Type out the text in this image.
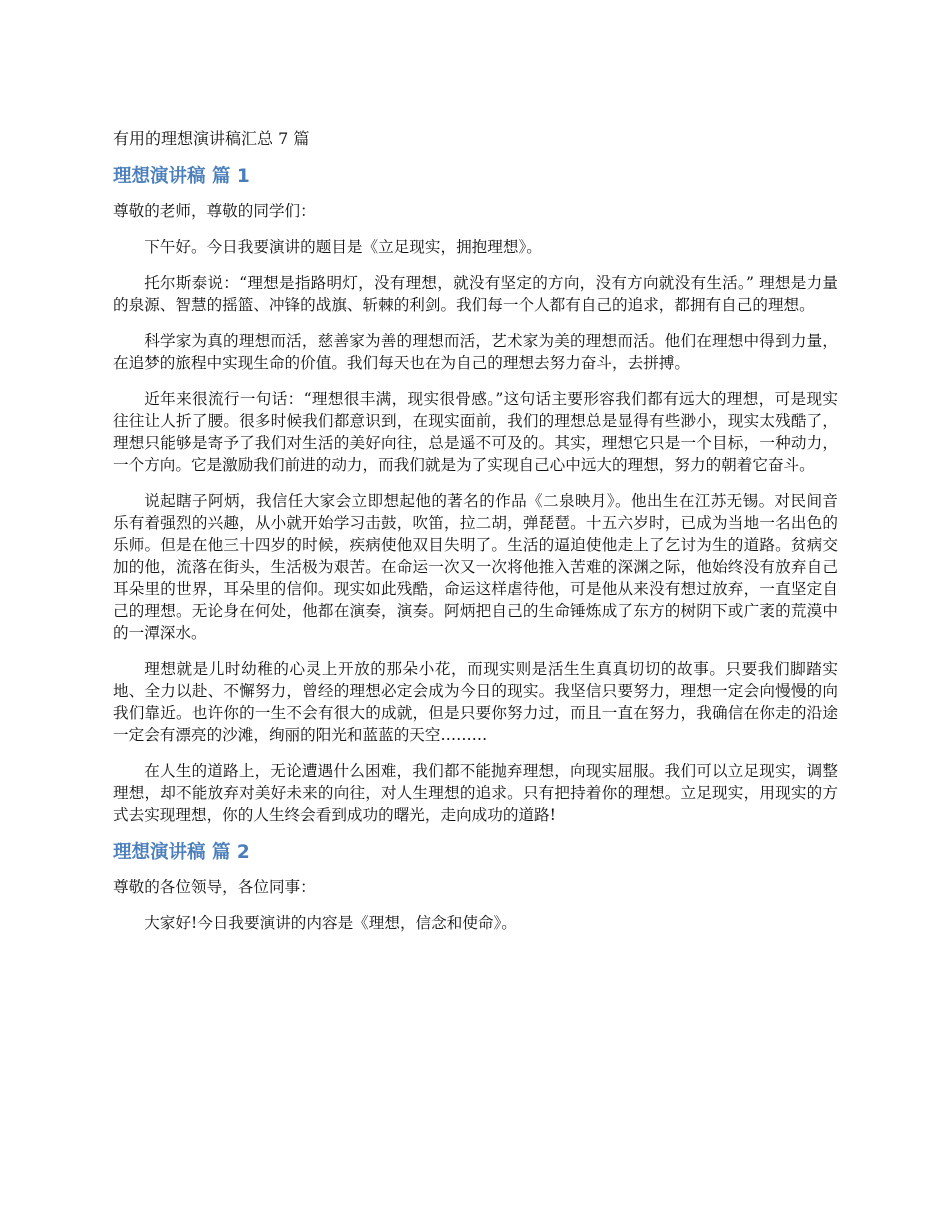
有用的理想演讲稿汇总 7 篇
理想演讲稿 篇 1
尊敬的老师，尊敬的同学们：

下午好。今日我要演讲的题目是《立足现实，拥抱理想》。

托尔斯泰说：“理想是指路明灯，没有理想，就没有坚定的方向，没有方向就没有生活。” 理想是力量的泉源、智慧的摇篮、冲锋的战旗、斩棘的利剑。我们每一个人都有自己的追求，都拥有自己的理想。

科学家为真的理想而活，慈善家为善的理想而活，艺术家为美的理想而活。他们在理想中得到力量，在追梦的旅程中实现生命的价值。我们每天也在为自己的理想去努力奋斗，去拼搏。

近年来很流行一句话：“理想很丰满，现实很骨感。”这句话主要形容我们都有远大的理想，可是现实往往让人折了腰。很多时候我们都意识到，在现实面前，我们的理想总是显得有些渺小，现实太残酷了，理想只能够是寄予了我们对生活的美好向往，总是遥不可及的。其实，理想它只是一个目标，一种动力，一个方向。它是激励我们前进的动力，而我们就是为了实现自己心中远大的理想，努力的朝着它奋斗。

说起瞎子阿炳，我信任大家会立即想起他的著名的作品《二泉映月》。他出生在江苏无锡。对民间音乐有着强烈的兴趣，从小就开始学习击鼓，吹笛，拉二胡，弹琵琶。十五六岁时，已成为当地一名出色的乐师。但是在他三十四岁的时候，疾病使他双目失明了。生活的逼迫使他走上了乞讨为生的道路。贫病交加的他，流落在街头，生活极为艰苦。在命运一次又一次将他推入苦难的深渊之际，他始终没有放弃自己耳朵里的世界，耳朵里的信仰。现实如此残酷，命运这样虐待他，可是他从来没有想过放弃，一直坚定自己的理想。无论身在何处，他都在演奏，演奏。阿炳把自己的生命锤炼成了东方的树阴下或广袤的荒漠中的一潭深水。

理想就是儿时幼稚的心灵上开放的那朵小花，而现实则是活生生真真切切的故事。只要我们脚踏实地、全力以赴、不懈努力，曾经的理想必定会成为今日的现实。我坚信只要努力，理想一定会向慢慢的向我们靠近。也许你的一生不会有很大的成就，但是只要你努力过，而且一直在努力，我确信在你走的沿途一定会有漂亮的沙滩，绚丽的阳光和蓝蓝的天空………

在人生的道路上，无论遭遇什么困难，我们都不能抛弃理想，向现实屈服。我们可以立足现实，调整理想，却不能放弃对美好未来的向往，对人生理想的追求。只有把持着你的理想。立足现实，用现实的方式去实现理想，你的人生终会看到成功的曙光，走向成功的道路!

理想演讲稿 篇 2
尊敬的各位领导，各位同事：

大家好!今日我要演讲的内容是《理想，信念和使命》。
